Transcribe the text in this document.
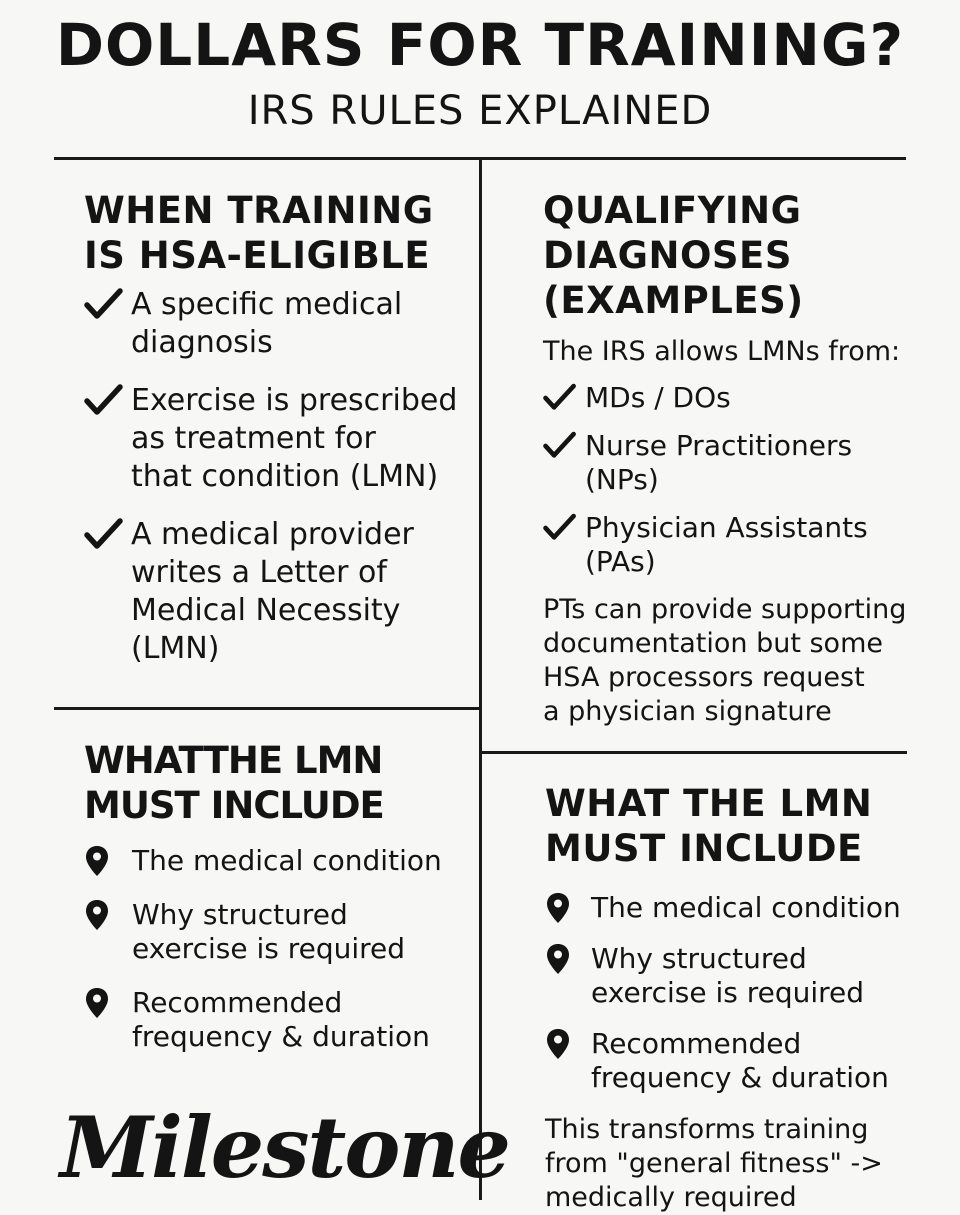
DOLLARS FOR TRAINING?
IRS RULES EXPLAINED
WHEN TRAINING
IS HSA-ELIGIBLE
A specific medical
diagnosis
Exercise is prescribed
as treatment for
that condition (LMN)
A medical provider
writes a Letter of
Medical Necessity
(LMN)
QUALIFYING
DIAGNOSES
(EXAMPLES)
The IRS allows LMNs from:
MDs / DOs
Nurse Practitioners
(NPs)
Physician Assistants
(PAs)
PTs can provide supporting
documentation but some
HSA processors request
a physician signature
WHATTHE LMN
MUST INCLUDE
The medical condition
Why structured
exercise is required
Recommended
frequency & duration
WHAT THE LMN
MUST INCLUDE
The medical condition
Why structured
exercise is required
Recommended
frequency & duration
This transforms training
from "general fitness" ->
medically required
Milestone
